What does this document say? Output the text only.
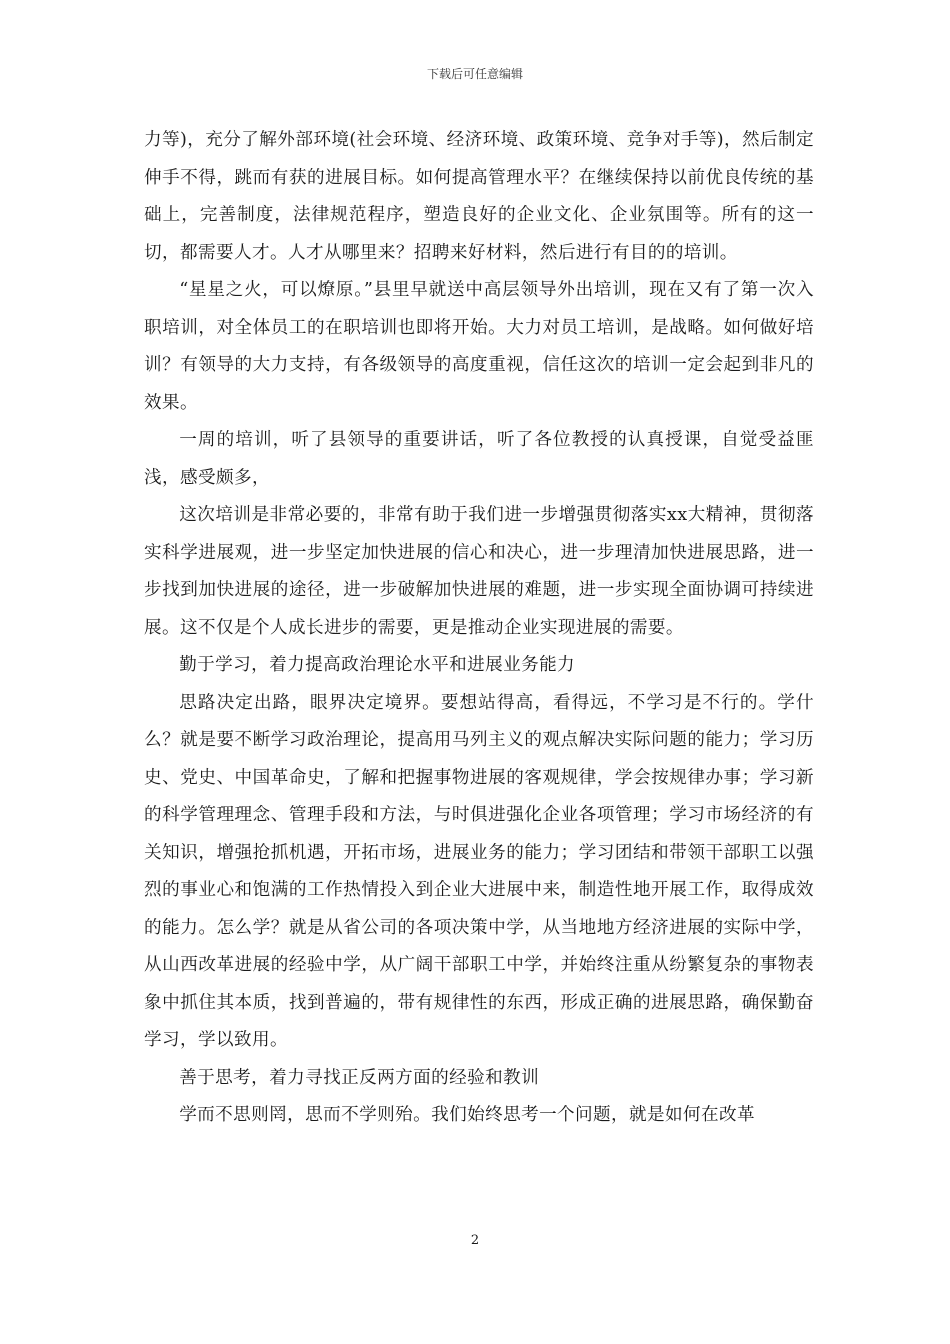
下载后可任意编辑

力等)，充分了解外部环境(社会环境、经济环境、政策环境、竞争对手等)，然后制定伸手不得，跳而有获的进展目标。如何提高管理水平？在继续保持以前优良传统的基础上，完善制度，法律规范程序，塑造良好的企业文化、企业氛围等。所有的这一切，都需要人才。人才从哪里来？招聘来好材料，然后进行有目的的培训。

“星星之火，可以燎原。”县里早就送中高层领导外出培训，现在又有了第一次入职培训，对全体员工的在职培训也即将开始。大力对员工培训，是战略。如何做好培训？有领导的大力支持，有各级领导的高度重视，信任这次的培训一定会起到非凡的效果。

一周的培训，听了县领导的重要讲话，听了各位教授的认真授课，自觉受益匪浅，感受颇多，

这次培训是非常必要的，非常有助于我们进一步增强贯彻落实xx大精神，贯彻落实科学进展观，进一步坚定加快进展的信心和决心，进一步理清加快进展思路，进一步找到加快进展的途径，进一步破解加快进展的难题，进一步实现全面协调可持续进展。这不仅是个人成长进步的需要，更是推动企业实现进展的需要。

勤于学习，着力提高政治理论水平和进展业务能力

思路决定出路，眼界决定境界。要想站得高，看得远，不学习是不行的。学什么？就是要不断学习政治理论，提高用马列主义的观点解决实际问题的能力；学习历史、党史、中国革命史，了解和把握事物进展的客观规律，学会按规律办事；学习新的科学管理理念、管理手段和方法，与时俱进强化企业各项管理；学习市场经济的有关知识，增强抢抓机遇，开拓市场，进展业务的能力；学习团结和带领干部职工以强烈的事业心和饱满的工作热情投入到企业大进展中来，制造性地开展工作，取得成效的能力。怎么学？就是从省公司的各项决策中学，从当地地方经济进展的实际中学，从山西改革进展的经验中学，从广阔干部职工中学，并始终注重从纷繁复杂的事物表象中抓住其本质，找到普遍的，带有规律性的东西，形成正确的进展思路，确保勤奋学习，学以致用。

善于思考，着力寻找正反两方面的经验和教训

学而不思则罔，思而不学则殆。我们始终思考一个问题，就是如何在改革

2
